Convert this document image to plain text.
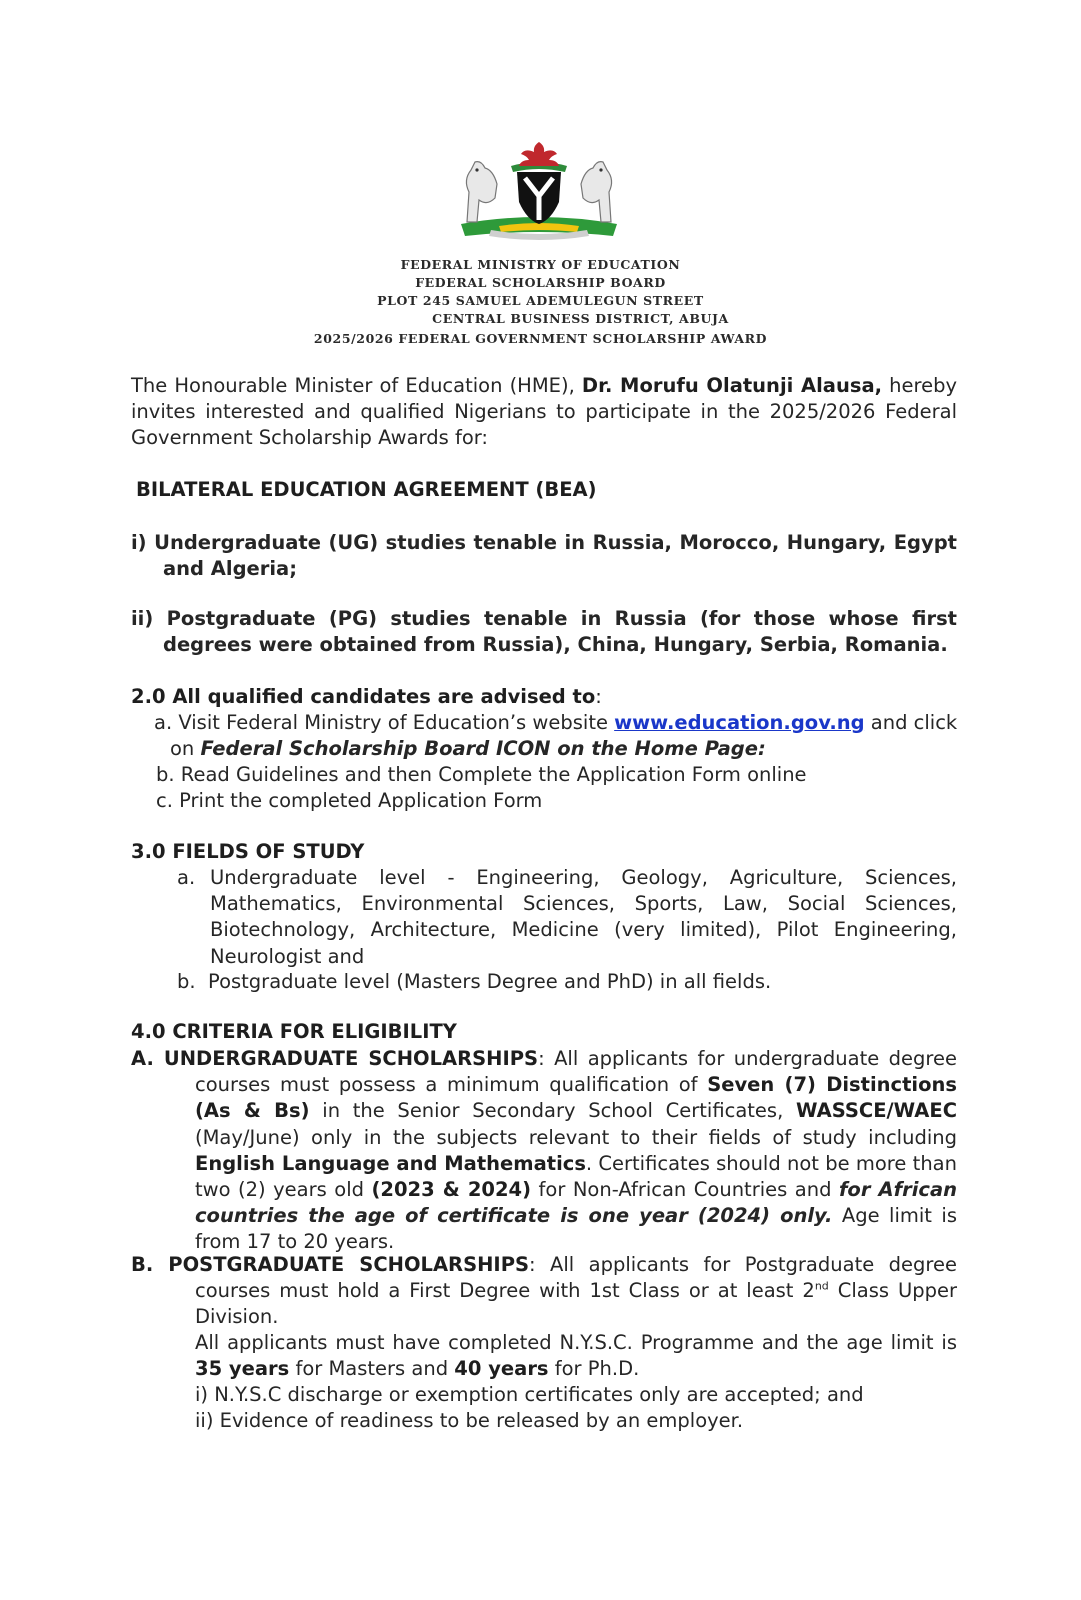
FEDERAL MINISTRY OF EDUCATION
FEDERAL SCHOLARSHIP BOARD
PLOT 245 SAMUEL ADEMULEGUN STREET
CENTRAL BUSINESS DISTRICT, ABUJA
2025/2026 FEDERAL GOVERNMENT SCHOLARSHIP AWARD
The Honourable Minister of Education (HME), Dr. Morufu Olatunji Alausa, hereby invites interested and qualified Nigerians to participate in the 2025/2026 Federal Government Scholarship Awards for:
BILATERAL EDUCATION AGREEMENT (BEA)
i) Undergraduate (UG) studies tenable in Russia, Morocco, Hungary, Egypt and Algeria;
ii) Postgraduate (PG) studies tenable in Russia (for those whose first degrees were obtained from Russia), China, Hungary, Serbia, Romania.
2.0 All qualified candidates are advised to:
a. Visit Federal Ministry of Education’s website www.education.gov.ng and click
on Federal Scholarship Board ICON on the Home Page:
b. Read Guidelines and then Complete the Application Form online
c. Print the completed Application Form
3.0 FIELDS OF STUDY
a. Undergraduate level - Engineering, Geology, Agriculture, Sciences, Mathematics, Environmental Sciences, Sports, Law, Social Sciences, Biotechnology, Architecture, Medicine (very limited), Pilot Engineering, Neurologist and
b. Postgraduate level (Masters Degree and PhD) in all fields.
4.0 CRITERIA FOR ELIGIBILITY
A. UNDERGRADUATE SCHOLARSHIPS: All applicants for undergraduate degree courses must possess a minimum qualification of Seven (7) Distinctions (As & Bs) in the Senior Secondary School Certificates, WASSCE/WAEC (May/June) only in the subjects relevant to their fields of study including English Language and Mathematics. Certificates should not be more than two (2) years old (2023 & 2024) for Non-African Countries and for African countries the age of certificate is one year (2024) only. Age limit is from 17 to 20 years.
B. POSTGRADUATE SCHOLARSHIPS: All applicants for Postgraduate degree courses must hold a First Degree with 1st Class or at least 2nd Class Upper Division.
All applicants must have completed N.Y.S.C. Programme and the age limit is 35 years for Masters and 40 years for Ph.D.
i) N.Y.S.C discharge or exemption certificates only are accepted; and
ii) Evidence of readiness to be released by an employer.
